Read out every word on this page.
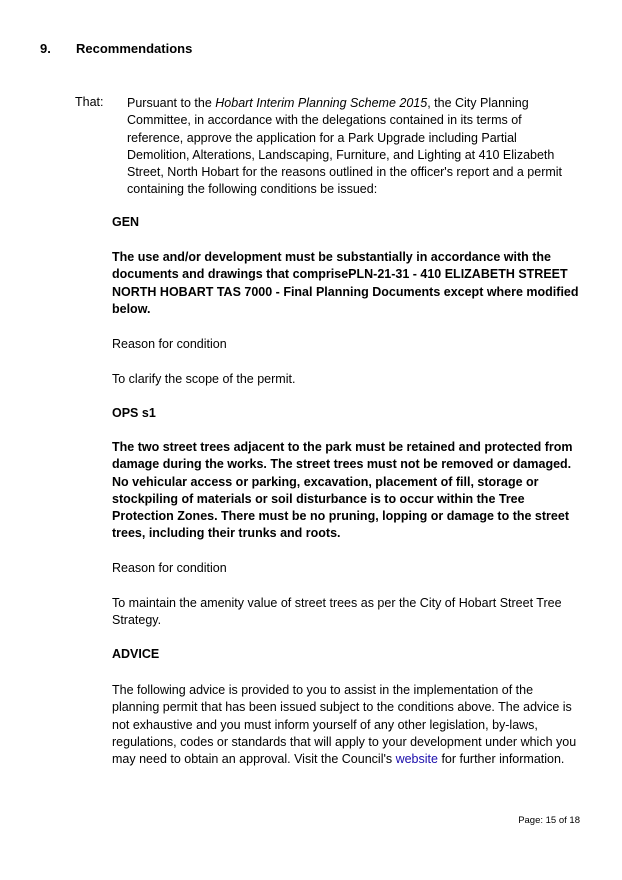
9. Recommendations
That: Pursuant to the Hobart Interim Planning Scheme 2015, the City Planning Committee, in accordance with the delegations contained in its terms of reference, approve the application for a Park Upgrade including Partial Demolition, Alterations, Landscaping, Furniture, and Lighting at 410 Elizabeth Street, North Hobart for the reasons outlined in the officer's report and a permit containing the following conditions be issued:
GEN
The use and/or development must be substantially in accordance with the documents and drawings that comprisePLN-21-31 - 410 ELIZABETH STREET NORTH HOBART TAS 7000 - Final Planning Documents except where modified below.
Reason for condition
To clarify the scope of the permit.
OPS s1
The two street trees adjacent to the park must be retained and protected from damage during the works. The street trees must not be removed or damaged. No vehicular access or parking, excavation, placement of fill, storage or stockpiling of materials or soil disturbance is to occur within the Tree Protection Zones. There must be no pruning, lopping or damage to the street trees, including their trunks and roots.
Reason for condition
To maintain the amenity value of street trees as per the City of Hobart Street Tree Strategy.
ADVICE
The following advice is provided to you to assist in the implementation of the planning permit that has been issued subject to the conditions above. The advice is not exhaustive and you must inform yourself of any other legislation, by-laws, regulations, codes or standards that will apply to your development under which you may need to obtain an approval. Visit the Council's website for further information.
Page: 15 of 18
